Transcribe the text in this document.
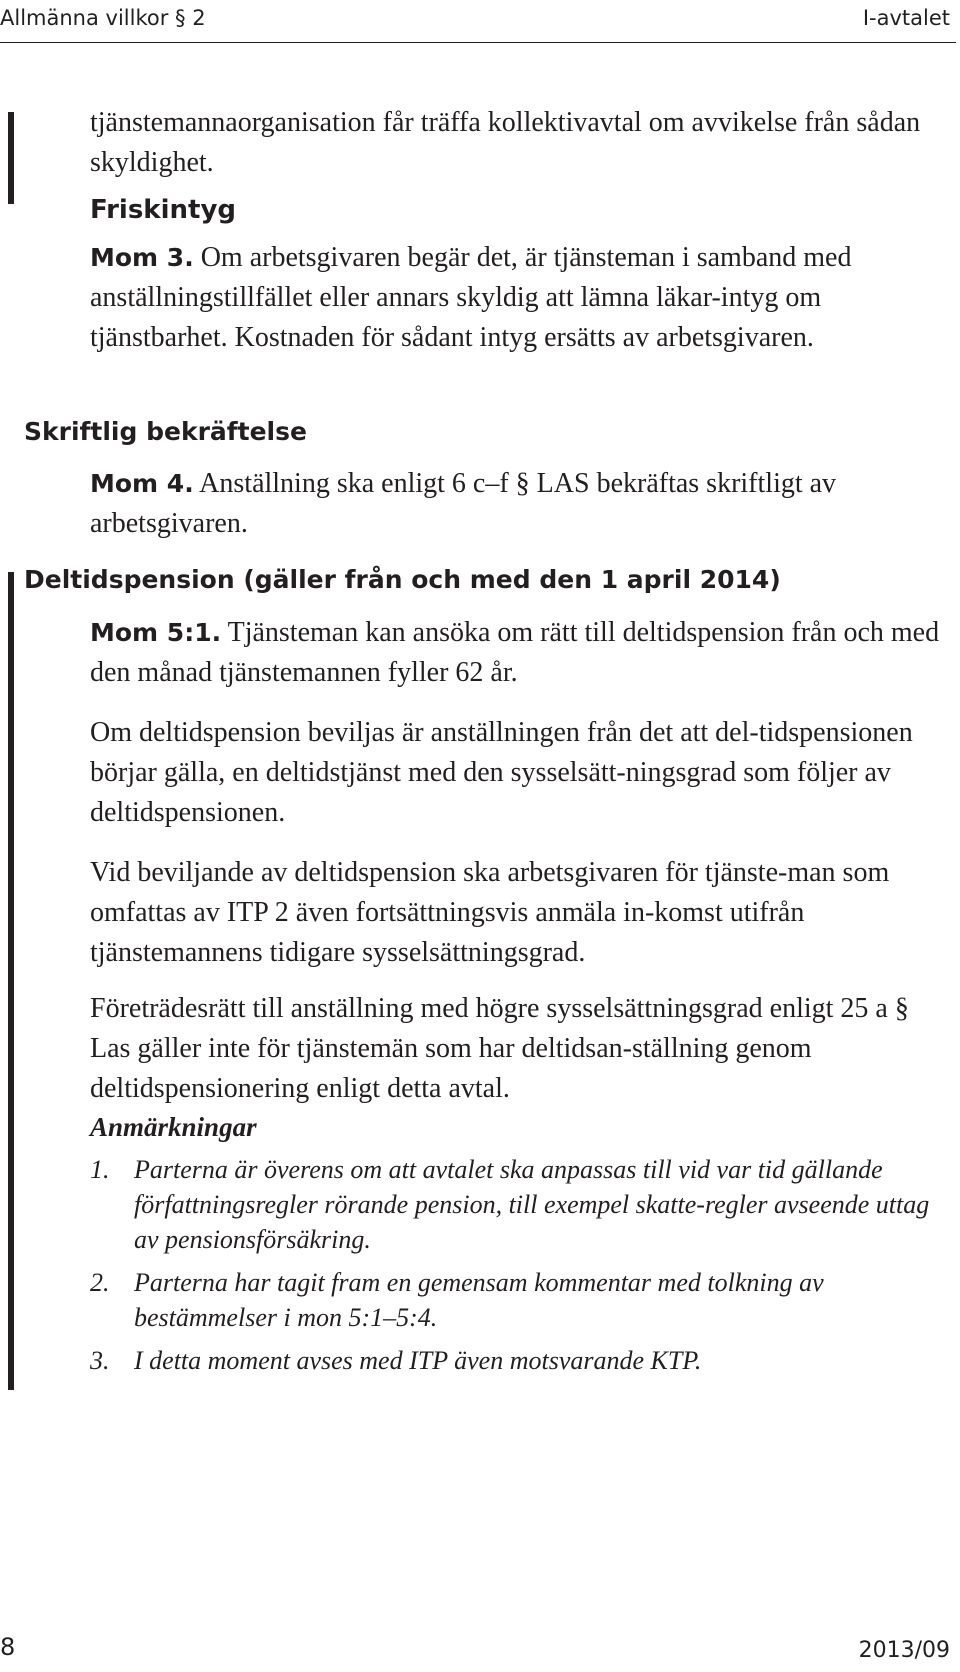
Allmänna villkor § 2	I-avtalet

tjänstemannaorganisation får träffa kollektivavtal om avvikelse från sådan skyldighet.

Friskintyg

Mom 3. Om arbetsgivaren begär det, är tjänsteman i samband med anställningstillfället eller annars skyldig att lämna läkar-intyg om tjänstbarhet. Kostnaden för sådant intyg ersätts av arbetsgivaren.

Skriftlig bekräftelse

Mom 4. Anställning ska enligt 6 c–f § LAS bekräftas skriftligt av arbetsgivaren.

Deltidspension (gäller från och med den 1 april 2014)

Mom 5:1. Tjänsteman kan ansöka om rätt till deltidspension från och med den månad tjänstemannen fyller 62 år.

Om deltidspension beviljas är anställningen från det att del-tidspensionen börjar gälla, en deltidstjänst med den sysselsätt-ningsgrad som följer av deltidspensionen.

Vid beviljande av deltidspension ska arbetsgivaren för tjänste-man som omfattas av ITP 2 även fortsättningsvis anmäla in-komst utifrån tjänstemannens tidigare sysselsättningsgrad.

Företrädesrätt till anställning med högre sysselsättningsgrad enligt 25 a § Las gäller inte för tjänstemän som har deltidsan-ställning genom deltidspensionering enligt detta avtal.

Anmärkningar
1. Parterna är överens om att avtalet ska anpassas till vid var tid gällande författningsregler rörande pension, till exempel skatte-regler avseende uttag av pensionsförsäkring.
2. Parterna har tagit fram en gemensam kommentar med tolkning av bestämmelser i mon 5:1–5:4.
3. I detta moment avses med ITP även motsvarande KTP.
8	2013/09
